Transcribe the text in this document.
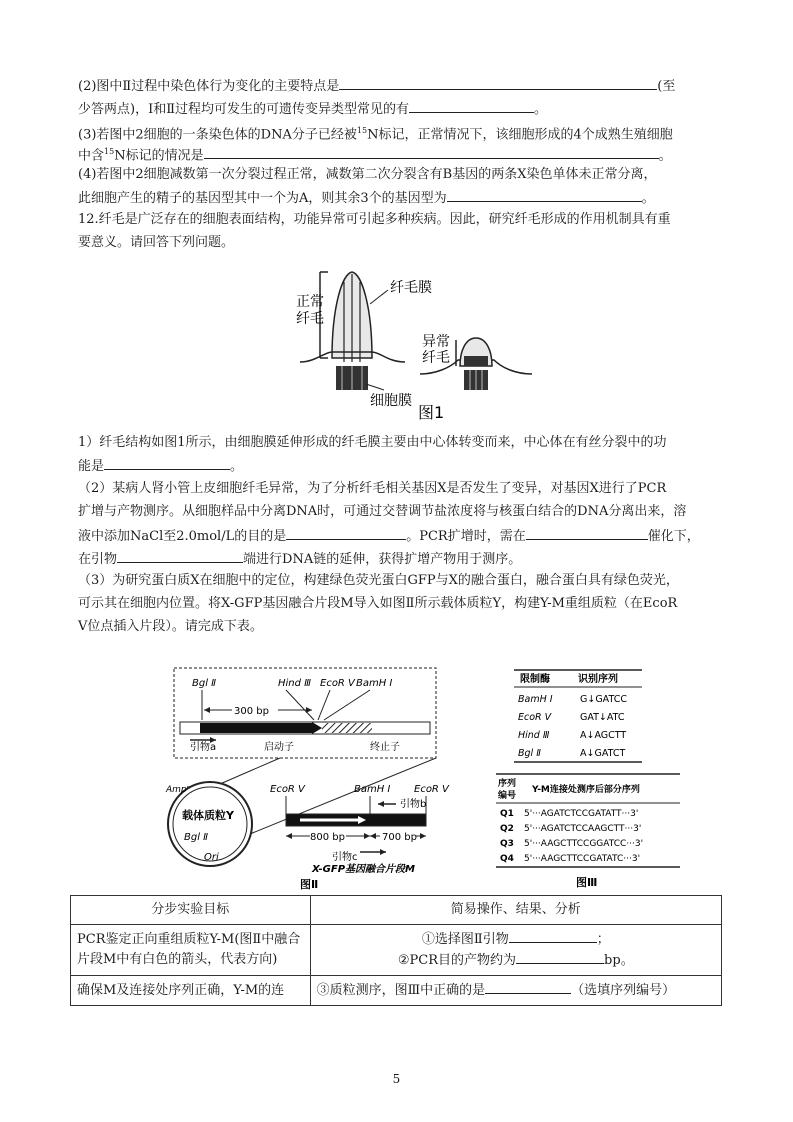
(2)图中Ⅱ过程中染色体行为变化的主要特点是	(至
少答两点)，Ⅰ和Ⅱ过程均可发生的可遗传变异类型常见的有	。
(3)若图中2细胞的一条染色体的DNA分子已经被$^{15}$N标记，正常情况下，该细胞形成的4个成熟生殖细胞
中含$^{15}$N标记的情况是	。
(4)若图中2细胞减数第一次分裂过程正常，减数第二次分裂含有B基因的两条X染色单体未正常分离，
此细胞产生的精子的基因型其中一个为A，则其余3个的基因型为	。
12.纤毛是广泛存在的细胞表面结构，功能异常可引起多种疾病。因此，研究纤毛形成的作用机制具有重
要意义。请回答下列问题。
正常
纤毛
纤毛膜
细胞膜
异常
纤毛
图1
1）纤毛结构如图1所示，由细胞膜延伸形成的纤毛膜主要由中心体转变而来，中心体在有丝分裂中的功
能是	。
（2）某病人肾小管上皮细胞纤毛异常，为了分析纤毛相关基因X是否发生了变异，对基因X进行了PCR
扩增与产物测序。从细胞样品中分离DNA时，可通过交替调节盐浓度将与核蛋白结合的DNA分离出来，溶
液中添加NaCl至2.0mol/L的目的是	。PCR扩增时，需在	催化下，
在引物	端进行DNA链的延伸，获得扩增产物用于测序。
（3）为研究蛋白质X在细胞中的定位，构建绿色荧光蛋白GFP与X的融合蛋白，融合蛋白具有绿色荧光，
可示其在细胞内位置。将X-GFP基因融合片段M导入如图Ⅱ所示载体质粒Y，构建Y-M重组质粒（在EcoR
Ⅴ位点插入片段）。请完成下表。
Bgl Ⅱ	Hind Ⅲ EcoR Ⅴ BamH Ⅰ
300 bp
引物a	启动子	终止子
载体质粒Y
Ampʳ
Bgl Ⅱ
Ori
EcoR Ⅴ	BamH Ⅰ EcoR Ⅴ
引物b
800 bp	700 bp
引物c
X-GFP基因融合片段M
图Ⅱ
限制酶	识别序列
BamH Ⅰ	G↓GATCC
EcoR Ⅴ	GAT↓ATC
Hind Ⅲ	A↓AGCTT
Bgl Ⅱ	A↓GATCT
序列
编号
Y-M连接处测序后部分序列
Q1 5'···AGATCTCCGATATT···3'
Q2 5'···AGATCTCCAAGCTT···3'
Q3 5'···AAGCTTCCGGATCC···3'
Q4 5'···AAGCTTCCGATATC···3'
图Ⅲ
分步实验目标	简易操作、结果、分析
PCR鉴定正向重组质粒Y-M(图Ⅱ中融合片段M中有白色的箭头，代表方向)	①选择图Ⅱ引物 ；
②PCR目的产物约为 bp。

确保M及连接处序列正确，Y-M的连	③质粒测序，图Ⅲ中正确的是 （选填序列编号）
5
